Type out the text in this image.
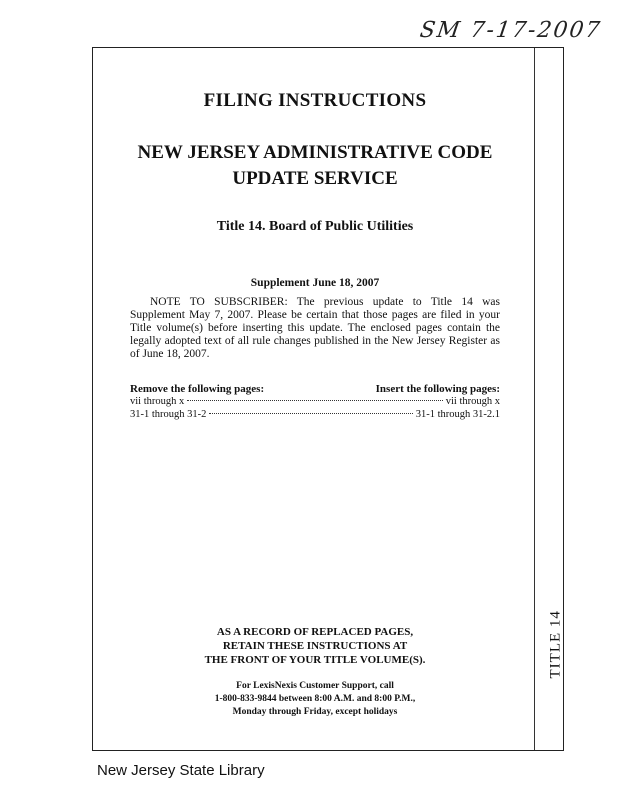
SM 7-17-2007
FILING INSTRUCTIONS
NEW JERSEY ADMINISTRATIVE CODE
UPDATE SERVICE
Title 14. Board of Public Utilities
Supplement June 18, 2007
NOTE TO SUBSCRIBER: The previous update to Title 14 was Supplement May 7, 2007. Please be certain that those pages are filed in your Title volume(s) before inserting this update. The enclosed pages contain the legally adopted text of all rule changes published in the New Jersey Register as of June 18, 2007.
Remove the following pages:	Insert the following pages:
vii through x	vii through x
31-1 through 31-2	31-1 through 31-2.1
AS A RECORD OF REPLACED PAGES,
RETAIN THESE INSTRUCTIONS AT
THE FRONT OF YOUR TITLE VOLUME(S).
For LexisNexis Customer Support, call
1-800-833-9844 between 8:00 A.M. and 8:00 P.M.,
Monday through Friday, except holidays
TITLE 14
New Jersey State Library
